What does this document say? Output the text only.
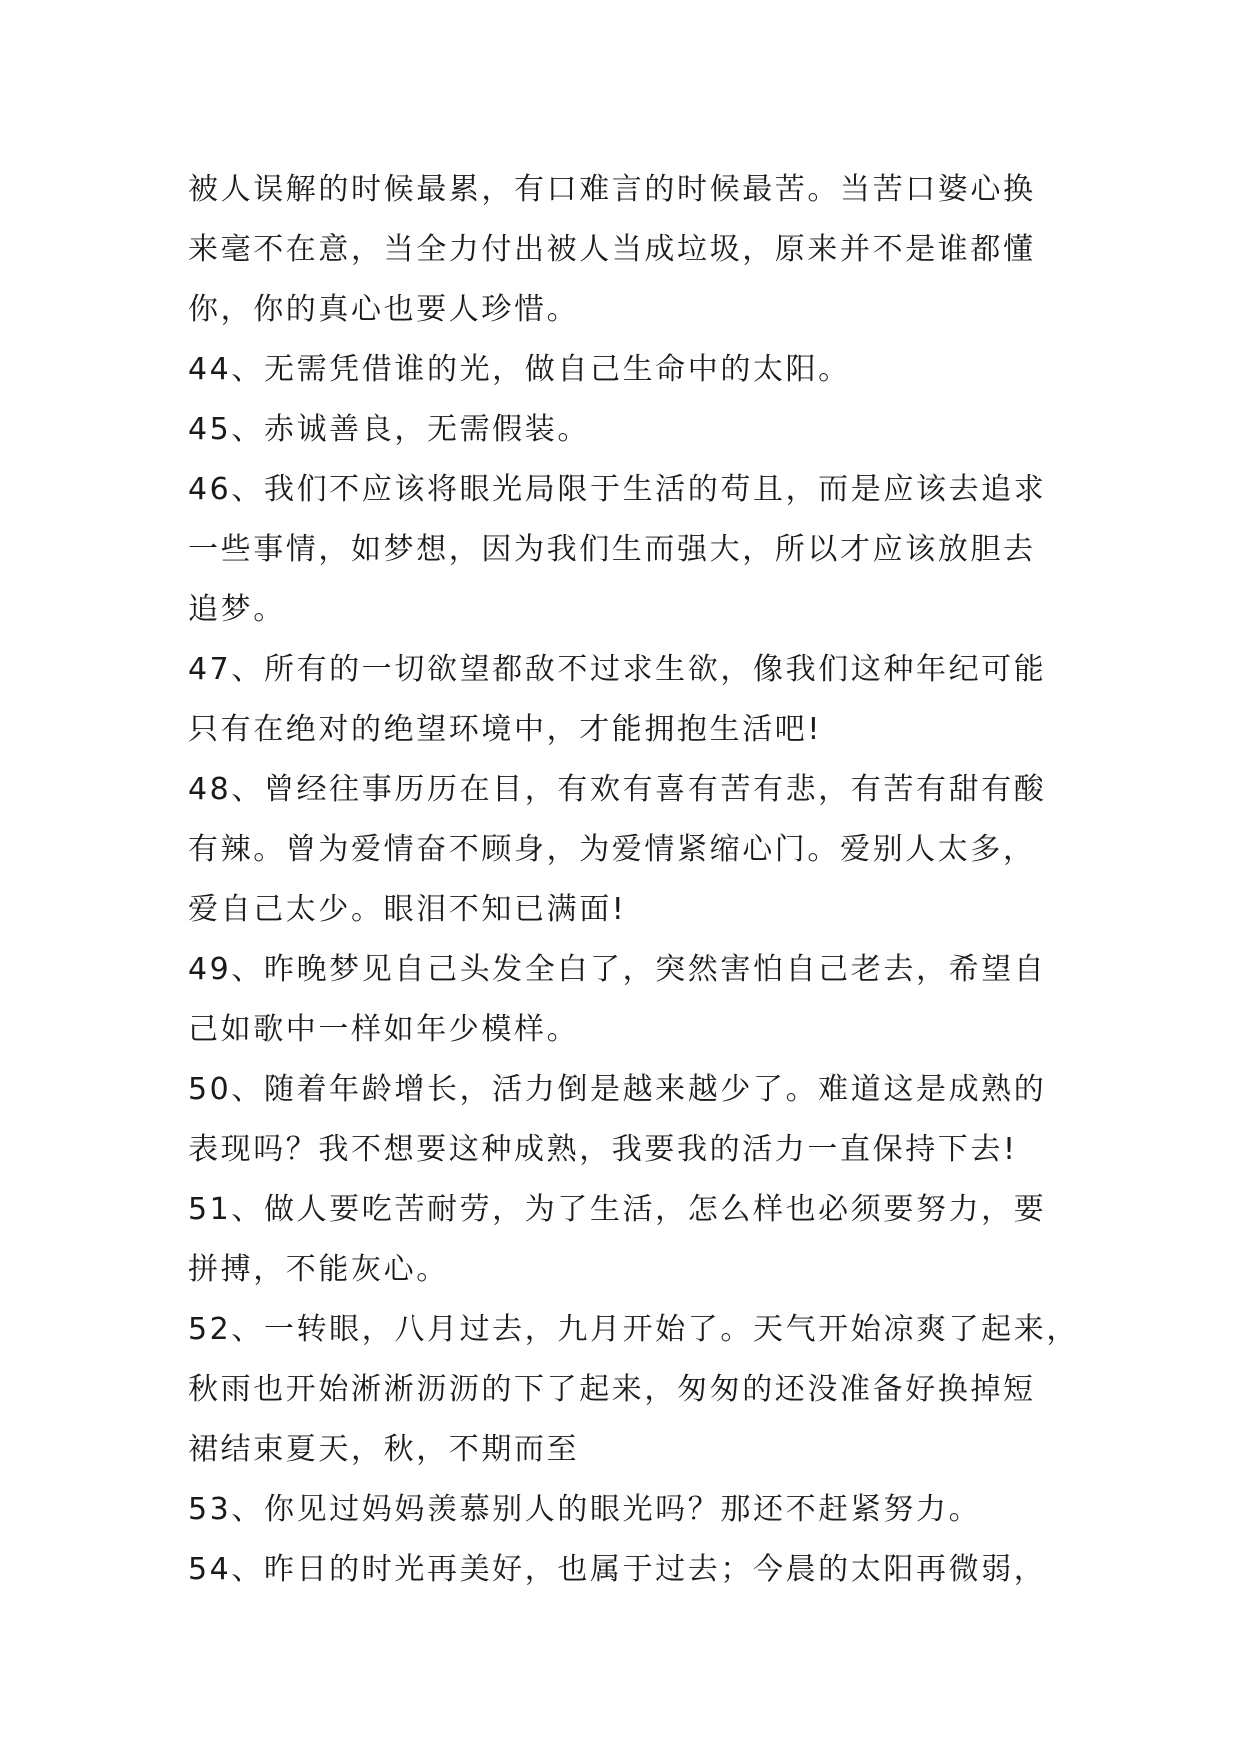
被人误解的时候最累，有口难言的时候最苦。当苦口婆心换
来毫不在意，当全力付出被人当成垃圾，原来并不是谁都懂
你，你的真心也要人珍惜。
44、无需凭借谁的光，做自己生命中的太阳。
45、赤诚善良，无需假装。
46、我们不应该将眼光局限于生活的苟且，而是应该去追求
一些事情，如梦想，因为我们生而强大，所以才应该放胆去
追梦。
47、所有的一切欲望都敌不过求生欲，像我们这种年纪可能
只有在绝对的绝望环境中，才能拥抱生活吧!
48、曾经往事历历在目，有欢有喜有苦有悲，有苦有甜有酸
有辣。曾为爱情奋不顾身，为爱情紧缩心门。爱别人太多，
爱自己太少。眼泪不知已满面!
49、昨晚梦见自己头发全白了，突然害怕自己老去，希望自
己如歌中一样如年少模样。
50、随着年龄增长，活力倒是越来越少了。难道这是成熟的
表现吗？我不想要这种成熟，我要我的活力一直保持下去!
51、做人要吃苦耐劳，为了生活，怎么样也必须要努力，要
拼搏，不能灰心。
52、一转眼，八月过去，九月开始了。天气开始凉爽了起来，
秋雨也开始淅淅沥沥的下了起来，匆匆的还没准备好换掉短
裙结束夏天，秋，不期而至
53、你见过妈妈羡慕别人的眼光吗？那还不赶紧努力。
54、昨日的时光再美好，也属于过去；今晨的太阳再微弱，
